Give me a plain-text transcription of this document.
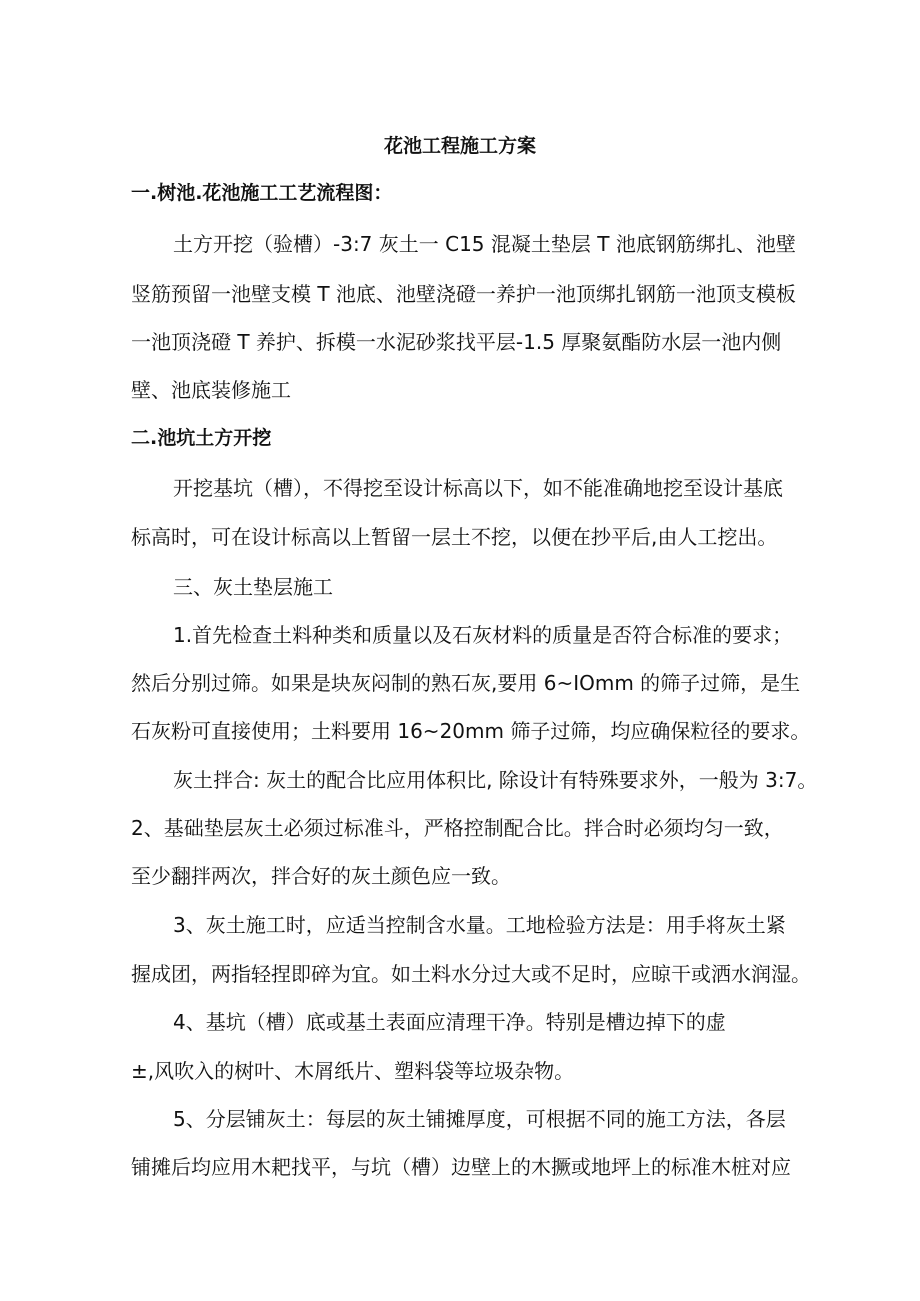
花池工程施工方案
一.树池.花池施工工艺流程图：
土方开挖（验槽）-3:7 灰土一 C15 混凝土垫层 T 池底钢筋绑扎、池壁
竖筋预留一池壁支模 T 池底、池壁浇磴一养护一池顶绑扎钢筋一池顶支模板
一池顶浇磴 T 养护、拆模一水泥砂浆找平层-1.5 厚聚氨酯防水层一池内侧
壁、池底装修施工
二.池坑土方开挖
开挖基坑（槽），不得挖至设计标高以下，如不能准确地挖至设计基底
标高时，可在设计标高以上暂留一层土不挖，以便在抄平后,由人工挖出。
三、灰土垫层施工
1.首先检查土料种类和质量以及石灰材料的质量是否符合标准的要求；
然后分别过筛。如果是块灰闷制的熟石灰,要用 6~IOmm 的筛子过筛，是生
石灰粉可直接使用；土料要用 16~20mm 筛子过筛，均应确保粒径的要求。
灰土拌合: 灰土的配合比应用体积比, 除设计有特殊要求外，一般为 3:7。
2、基础垫层灰土必须过标准斗，严格控制配合比。拌合时必须均匀一致，
至少翻拌两次，拌合好的灰土颜色应一致。
3、灰土施工时，应适当控制含水量。工地检验方法是：用手将灰土紧
握成团，两指轻捏即碎为宜。如土料水分过大或不足时，应晾干或洒水润湿。
4、基坑（槽）底或基土表面应清理干净。特别是槽边掉下的虚
±,风吹入的树叶、木屑纸片、塑料袋等垃圾杂物。
5、分层铺灰土：每层的灰土铺摊厚度，可根据不同的施工方法，各层
铺摊后均应用木耙找平，与坑（槽）边壁上的木撅或地坪上的标准木桩对应
